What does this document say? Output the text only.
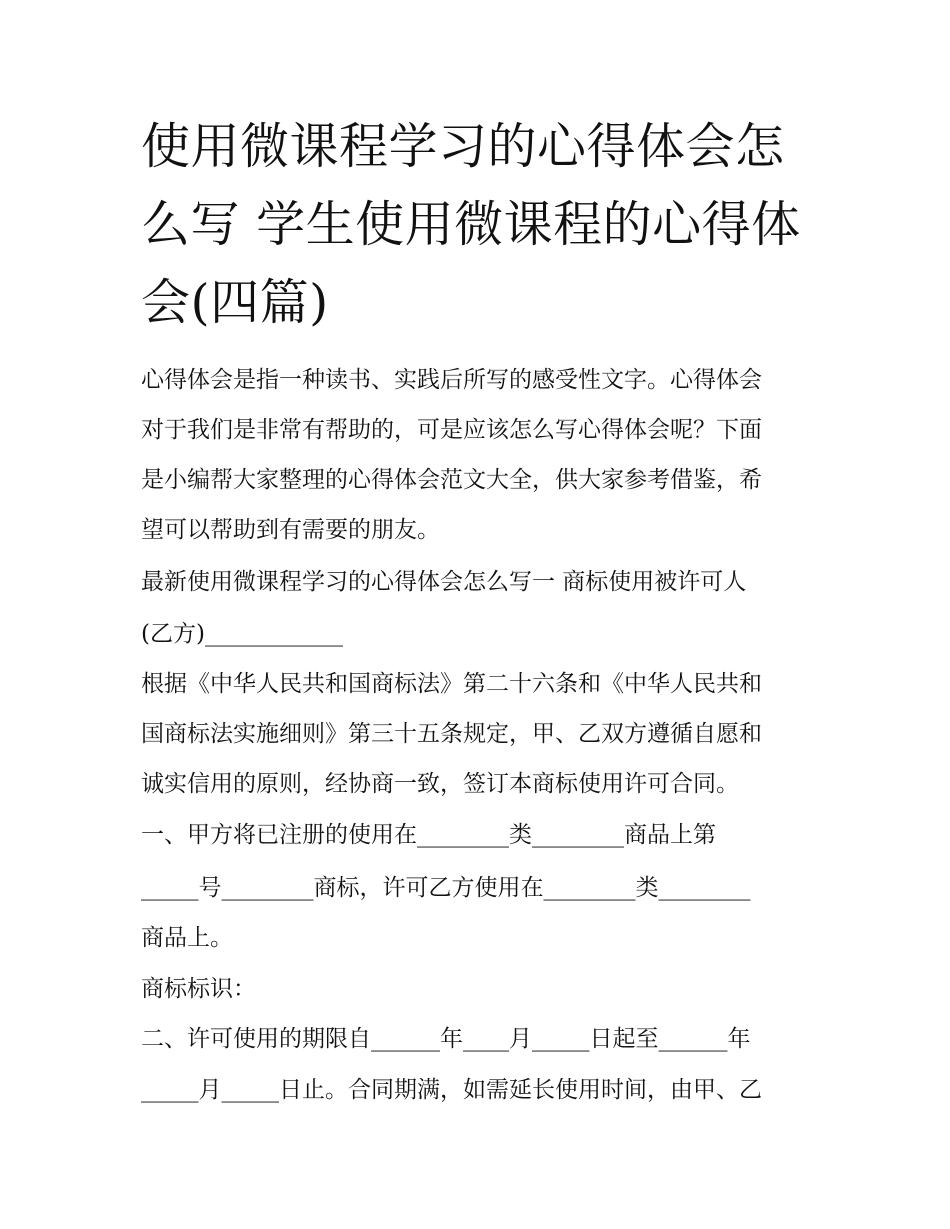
使用微课程学习的心得体会怎
么写 学生使用微课程的心得体
会(四篇)

心得体会是指一种读书、实践后所写的感受性文字。心得体会

对于我们是非常有帮助的，可是应该怎么写心得体会呢？下面

是小编帮大家整理的心得体会范文大全，供大家参考借鉴，希

望可以帮助到有需要的朋友。

最新使用微课程学习的心得体会怎么写一 商标使用被许可人

(乙方)____________

根据《中华人民共和国商标法》第二十六条和《中华人民共和

国商标法实施细则》第三十五条规定，甲、乙双方遵循自愿和

诚实信用的原则，经协商一致，签订本商标使用许可合同。

一、甲方将已注册的使用在________类________商品上第

_____号________商标，许可乙方使用在________类________

商品上。

商标标识：

二、许可使用的期限自______年____月_____日起至______年

_____月_____日止。合同期满，如需延长使用时间，由甲、乙
